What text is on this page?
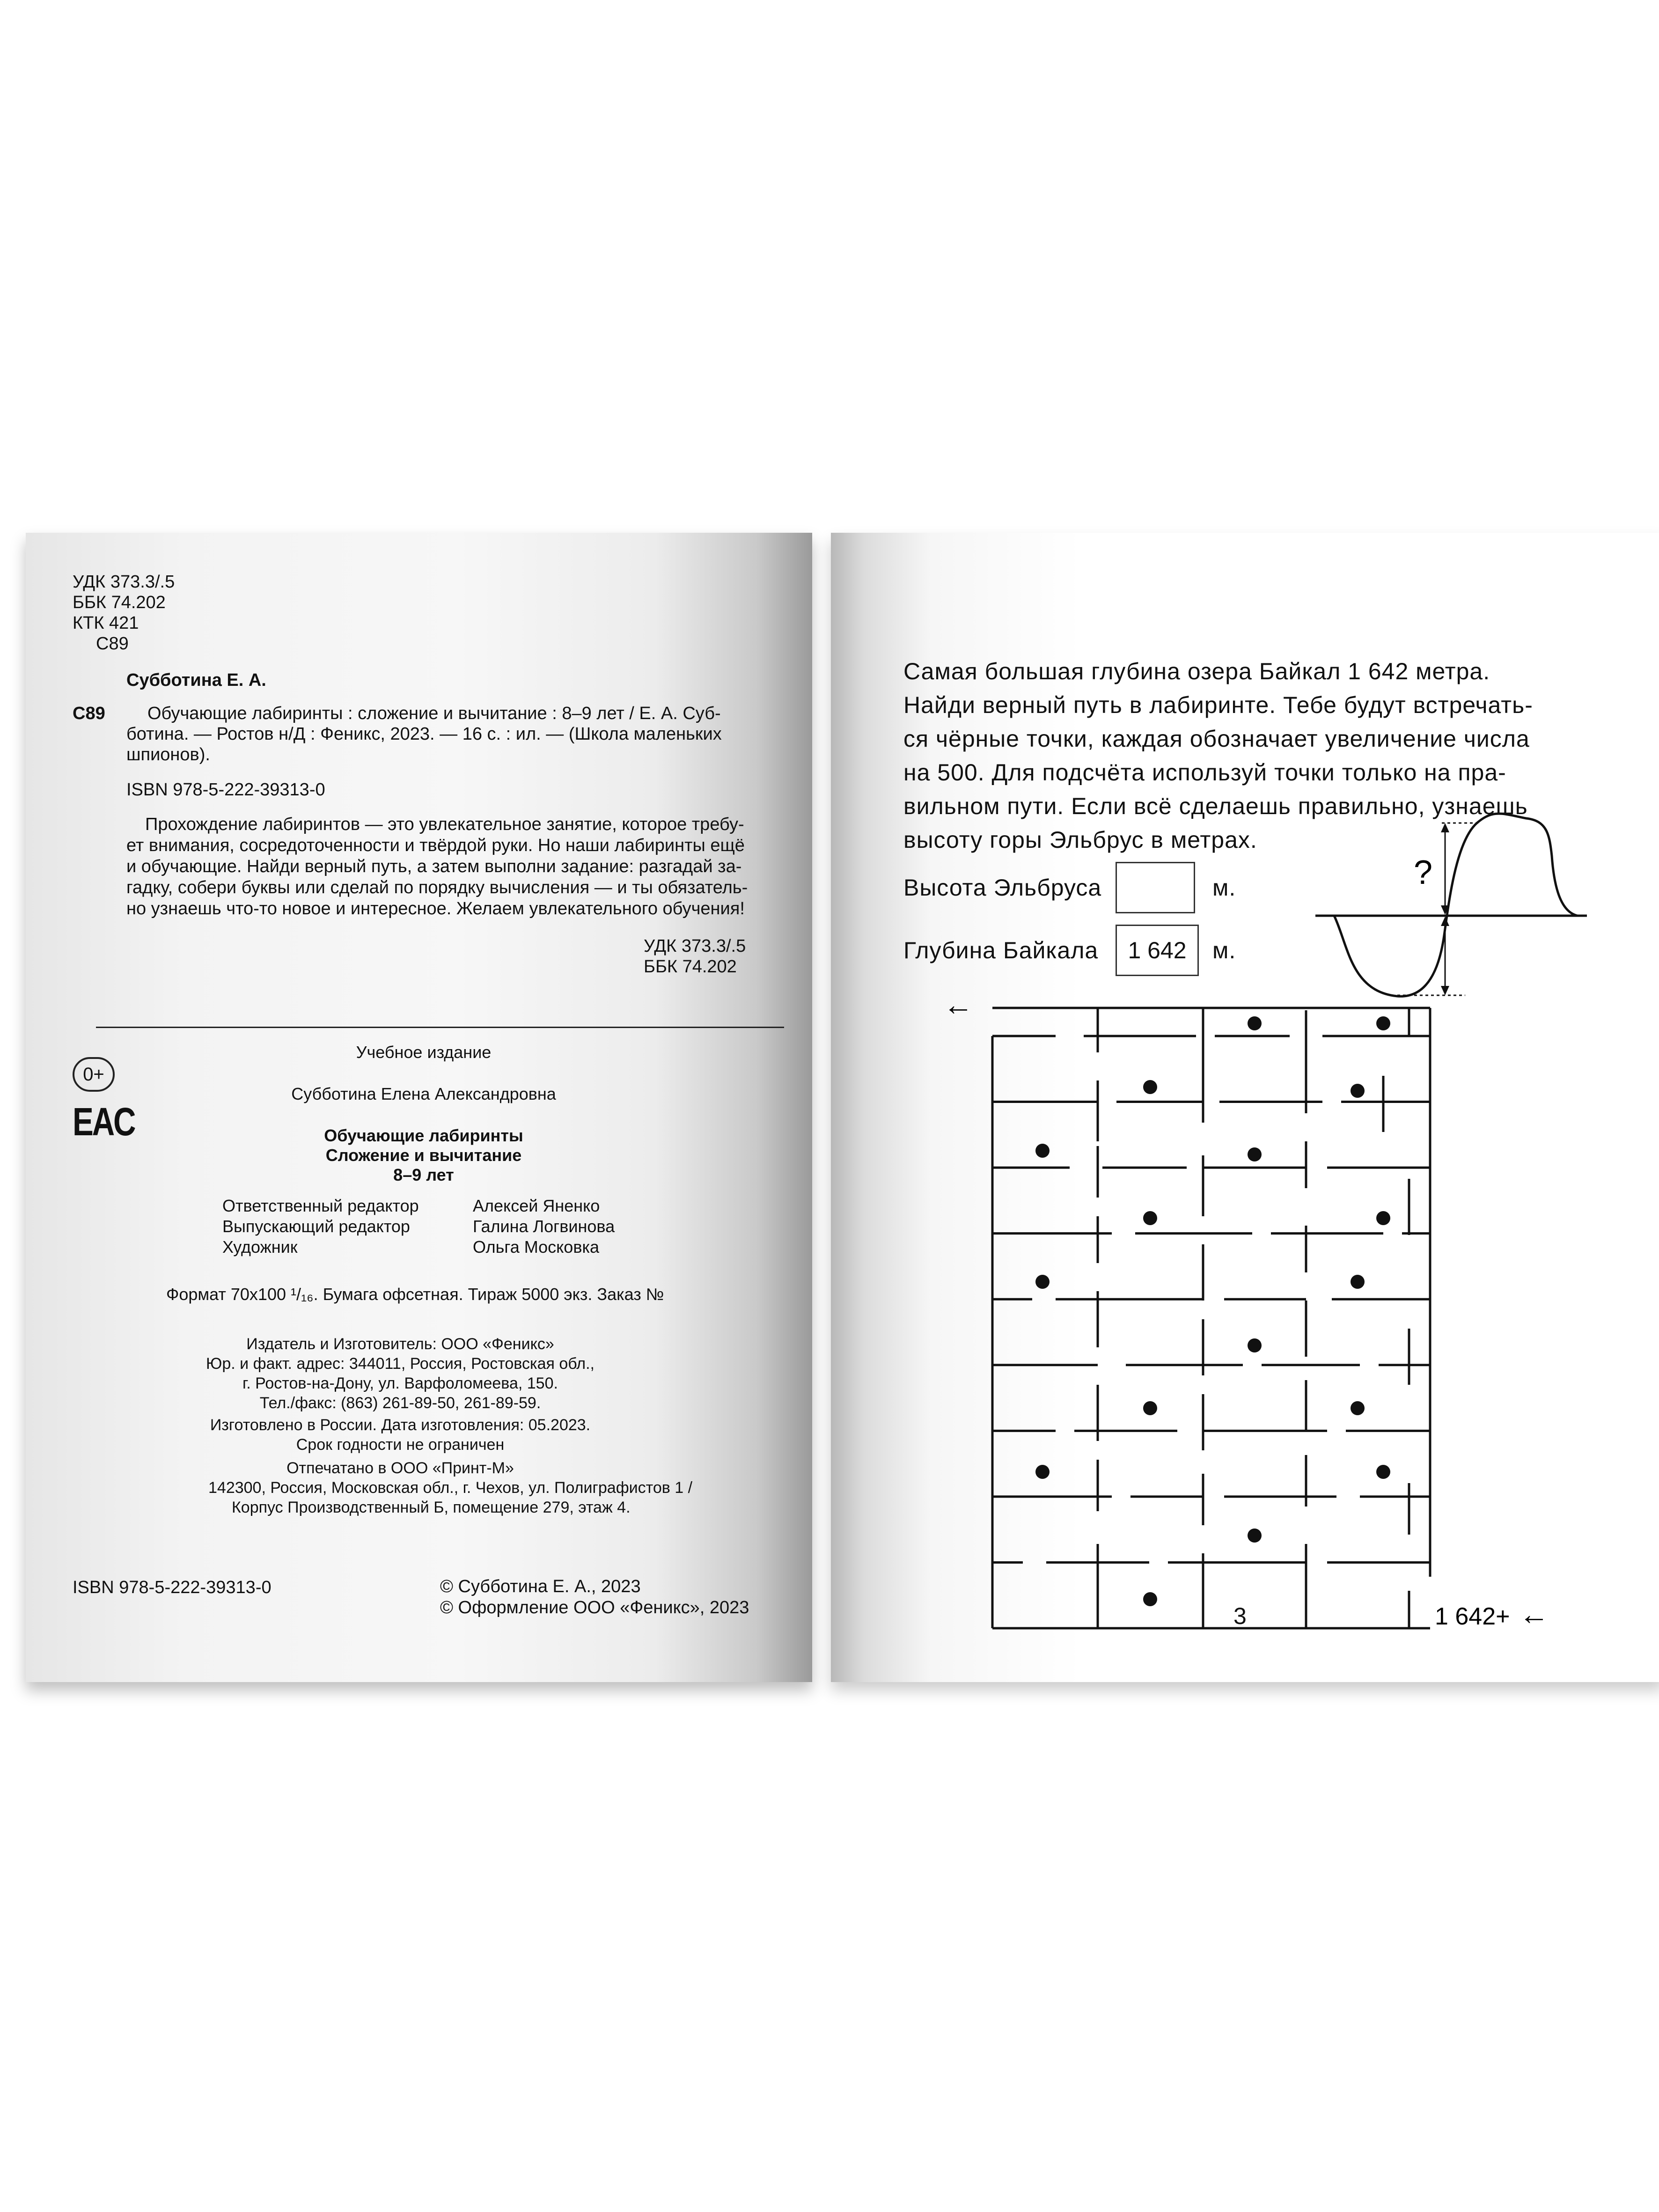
УДК 373.3/.5
ББК 74.202
КТК 421
С89
Субботина Е. А.
С89 Обучающие лабиринты : сложение и вычитание : 8–9 лет / Е. А. Суб-
ботина. — Ростов н/Д : Феникс, 2023. — 16 с. : ил. — (Школа маленьких
шпионов).
ISBN 978-5-222-39313-0
Прохождение лабиринтов — это увлекательное занятие, которое требу-
ет внимания, сосредоточенности и твёрдой руки. Но наши лабиринты ещё
и обучающие. Найди верный путь, а затем выполни задание: разгадай за-
гадку, собери буквы или сделай по порядку вычисления — и ты обязатель-
но узнаешь что-то новое и интересное. Желаем увлекательного обучения!
УДК 373.3/.5
ББК 74.202
0+
EAC
Учебное издание
Субботина Елена Александровна
Обучающие лабиринты
Сложение и вычитание
8–9 лет
Ответственный редактор	Алексей Яненко
Выпускающий редактор	Галина Логвинова
Художник	Ольга Московка
Формат 70x100 ¹/₁₆. Бумага офсетная. Тираж 5000 экз. Заказ №
Издатель и Изготовитель: ООО «Феникс»
Юр. и факт. адрес: 344011, Россия, Ростовская обл.,
г. Ростов-на-Дону, ул. Варфоломеева, 150.
Тел./факс: (863) 261-89-50, 261-89-59.
Изготовлено в России. Дата изготовления: 05.2023.
Срок годности не ограничен
Отпечатано в ООО «Принт-М»
142300, Россия, Московская обл., г. Чехов, ул. Полиграфистов 1 /
Корпус Производственный Б, помещение 279, этаж 4.
ISBN 978-5-222-39313-0	© Субботина Е. А., 2023
© Оформление ООО «Феникс», 2023
Самая большая глубина озера Байкал 1 642 метра.
Найди верный путь в лабиринте. Тебе будут встречать-
ся чёрные точки, каждая обозначает увеличение числа
на 500. Для подсчёта используй точки только на пра-
вильном пути. Если всё сделаешь правильно, узнаешь
высоту горы Эльбрус в метрах.
Высота Эльбруса	м.
Глубина Байкала	1 642	м.
?
←
1 642+ ←
3
